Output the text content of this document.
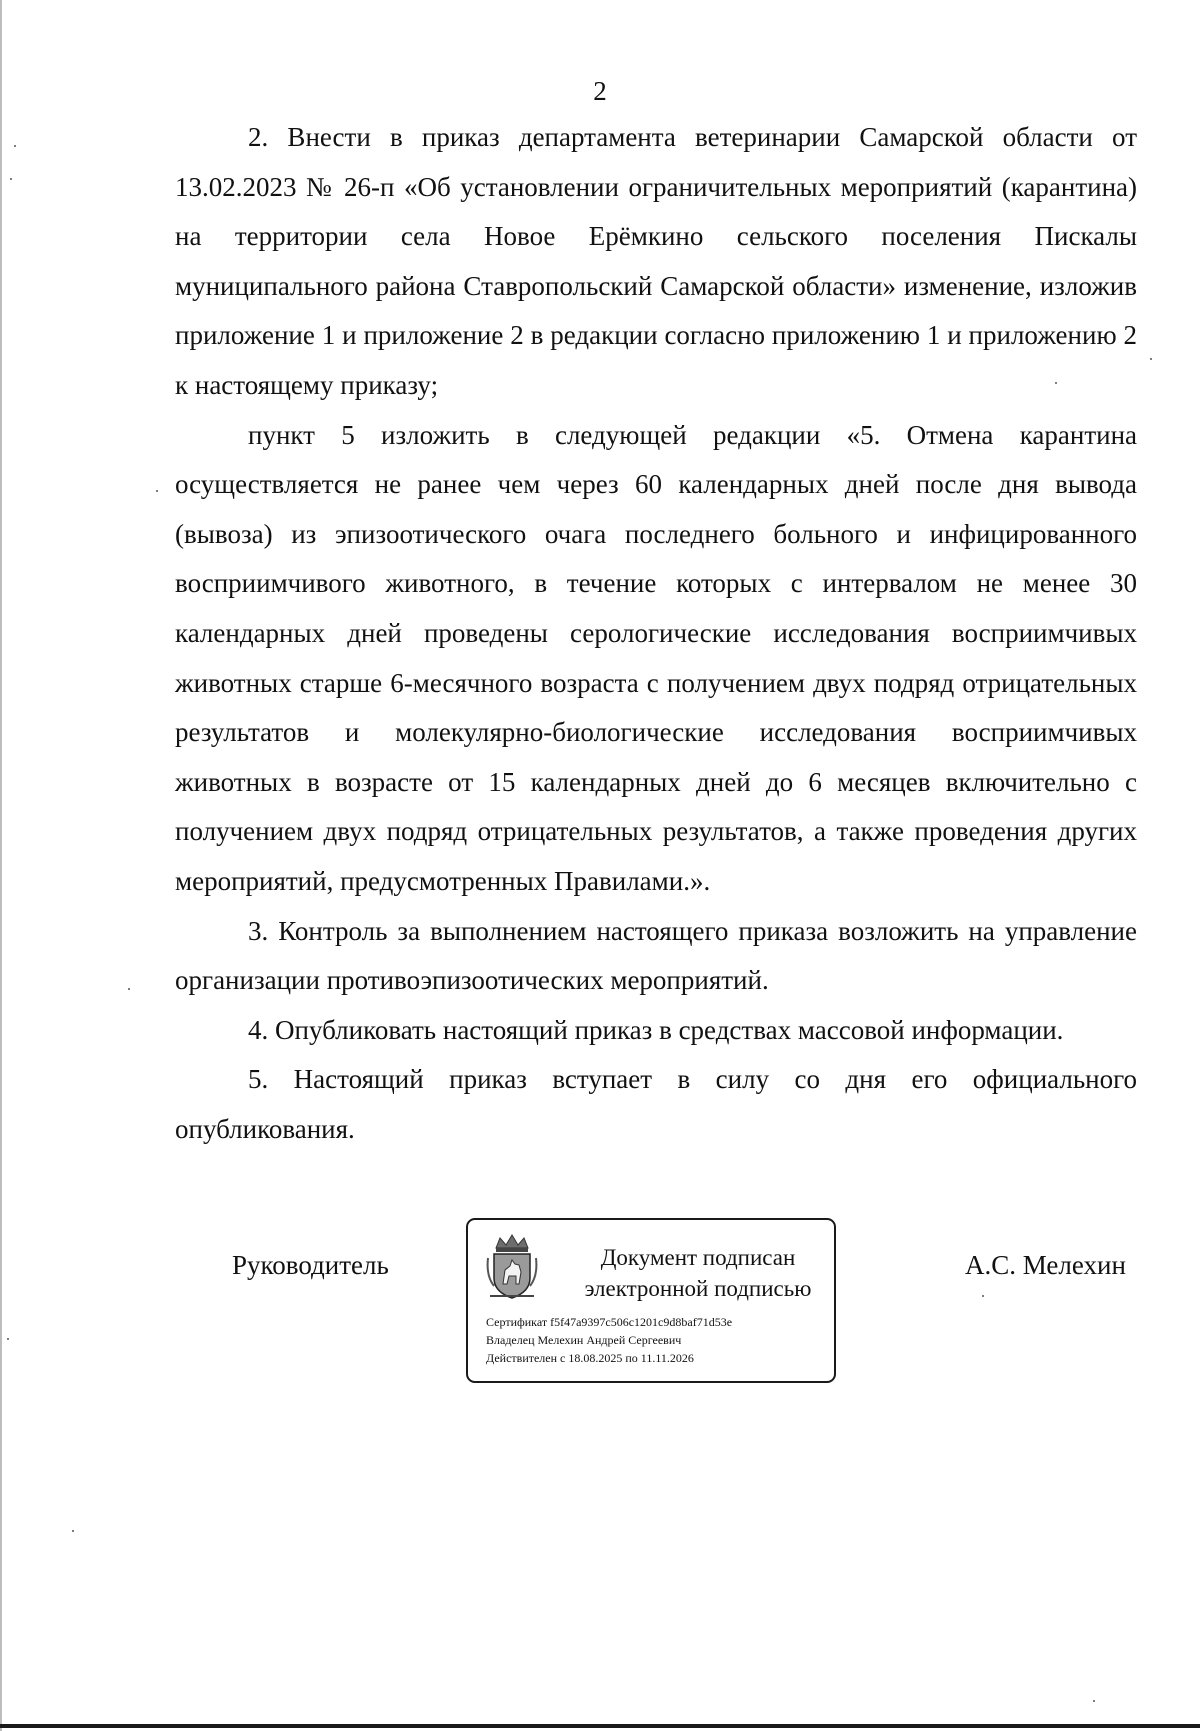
2

2. Внести в приказ департамента ветеринарии Самарской области от 13.02.2023 № 26-п «Об установлении ограничительных мероприятий (карантина) на территории села Новое Ерёмкино сельского поселения Пискалы муниципального района Ставропольский Самарской области» изменение, изложив приложение 1 и приложение 2 в редакции согласно приложению 1 и приложению 2 к настоящему приказу;

пункт 5 изложить в следующей редакции «5. Отмена карантина осуществляется не ранее чем через 60 календарных дней после дня вывода (вывоза) из эпизоотического очага последнего больного и инфицированного восприимчивого животного, в течение которых с интервалом не менее 30 календарных дней проведены серологические исследования восприимчивых животных старше 6-месячного возраста с получением двух подряд отрицательных результатов и молекулярно-биологические исследования восприимчивых животных в возрасте от 15 календарных дней до 6 месяцев включительно с получением двух подряд отрицательных результатов, а также проведения других мероприятий, предусмотренных Правилами.».

3. Контроль за выполнением настоящего приказа возложить на управление организации противоэпизоотических мероприятий.

4. Опубликовать настоящий приказ в средствах массовой информации.

5. Настоящий приказ вступает в силу со дня его официального опубликования.

Руководитель	Документ подписан
электронной подписью
Сертификат f5f47a9397c506c1201c9d8baf71d53e
Владелец Мелехин Андрей Сергеевич
Действителен с 18.08.2025 по 11.11.2026
А.С. Мелехин
